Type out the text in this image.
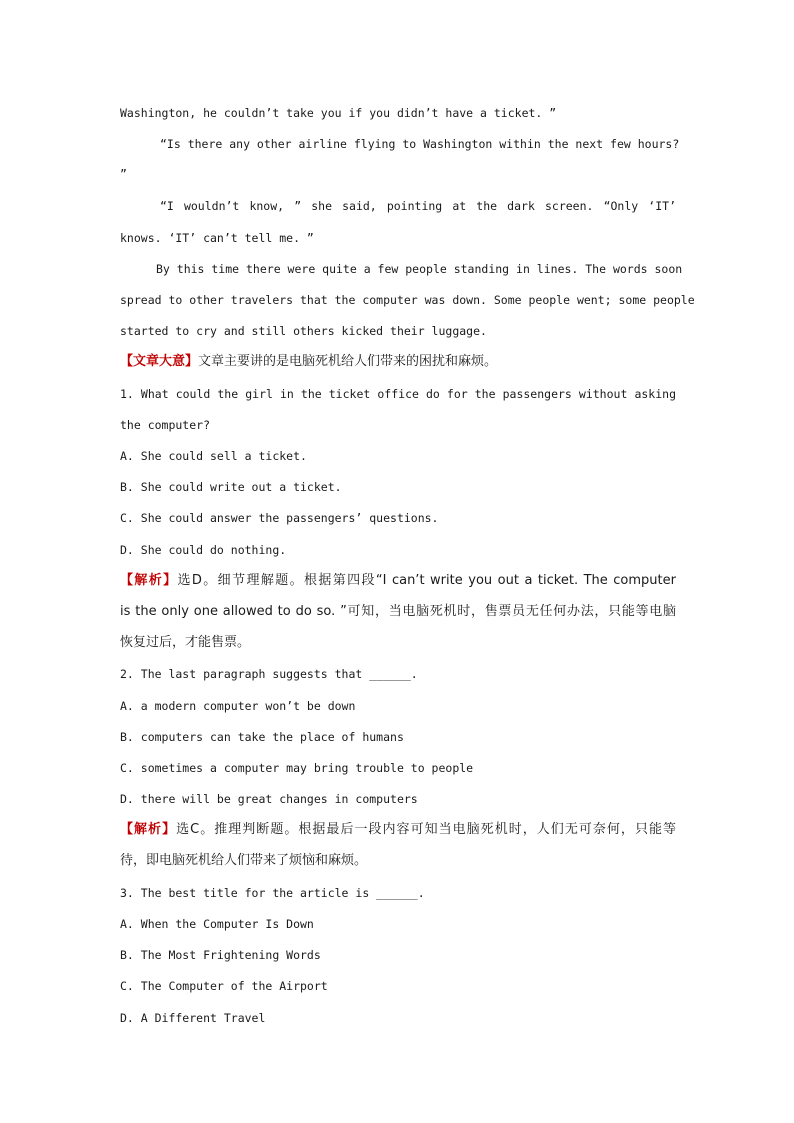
Washington, he couldn’t take you if you didn’t have a ticket. ”
“Is there any other airline flying to Washington within the next few hours?
”
“I wouldn’t know, ” she said, pointing at the dark screen. “Only ‘IT’
knows. ‘IT’ can’t tell me. ”
By this time there were quite a few people standing in lines. The words soon
spread to other travelers that the computer was down. Some people went; some people
started to cry and still others kicked their luggage.
【文章大意】文章主要讲的是电脑死机给人们带来的困扰和麻烦。
1. What could the girl in the ticket office do for the passengers without asking
the computer?
A. She could sell a ticket.
B. She could write out a ticket.
C. She could answer the passengers’ questions.
D. She could do nothing.
【解析】选D。细节理解题。根据第四段“I can’t write you out a ticket. The computer
is the only one allowed to do so. ”可知，当电脑死机时，售票员无任何办法，只能等电脑
恢复过后，才能售票。
2. The last paragraph suggests that ______.
A. a modern computer won’t be down
B. computers can take the place of humans
C. sometimes a computer may bring trouble to people
D. there will be great changes in computers
【解析】选C。推理判断题。根据最后一段内容可知当电脑死机时，人们无可奈何，只能等
待，即电脑死机给人们带来了烦恼和麻烦。
3. The best title for the article is ______.
A. When the Computer Is Down
B. The Most Frightening Words
C. The Computer of the Airport
D. A Different Travel
